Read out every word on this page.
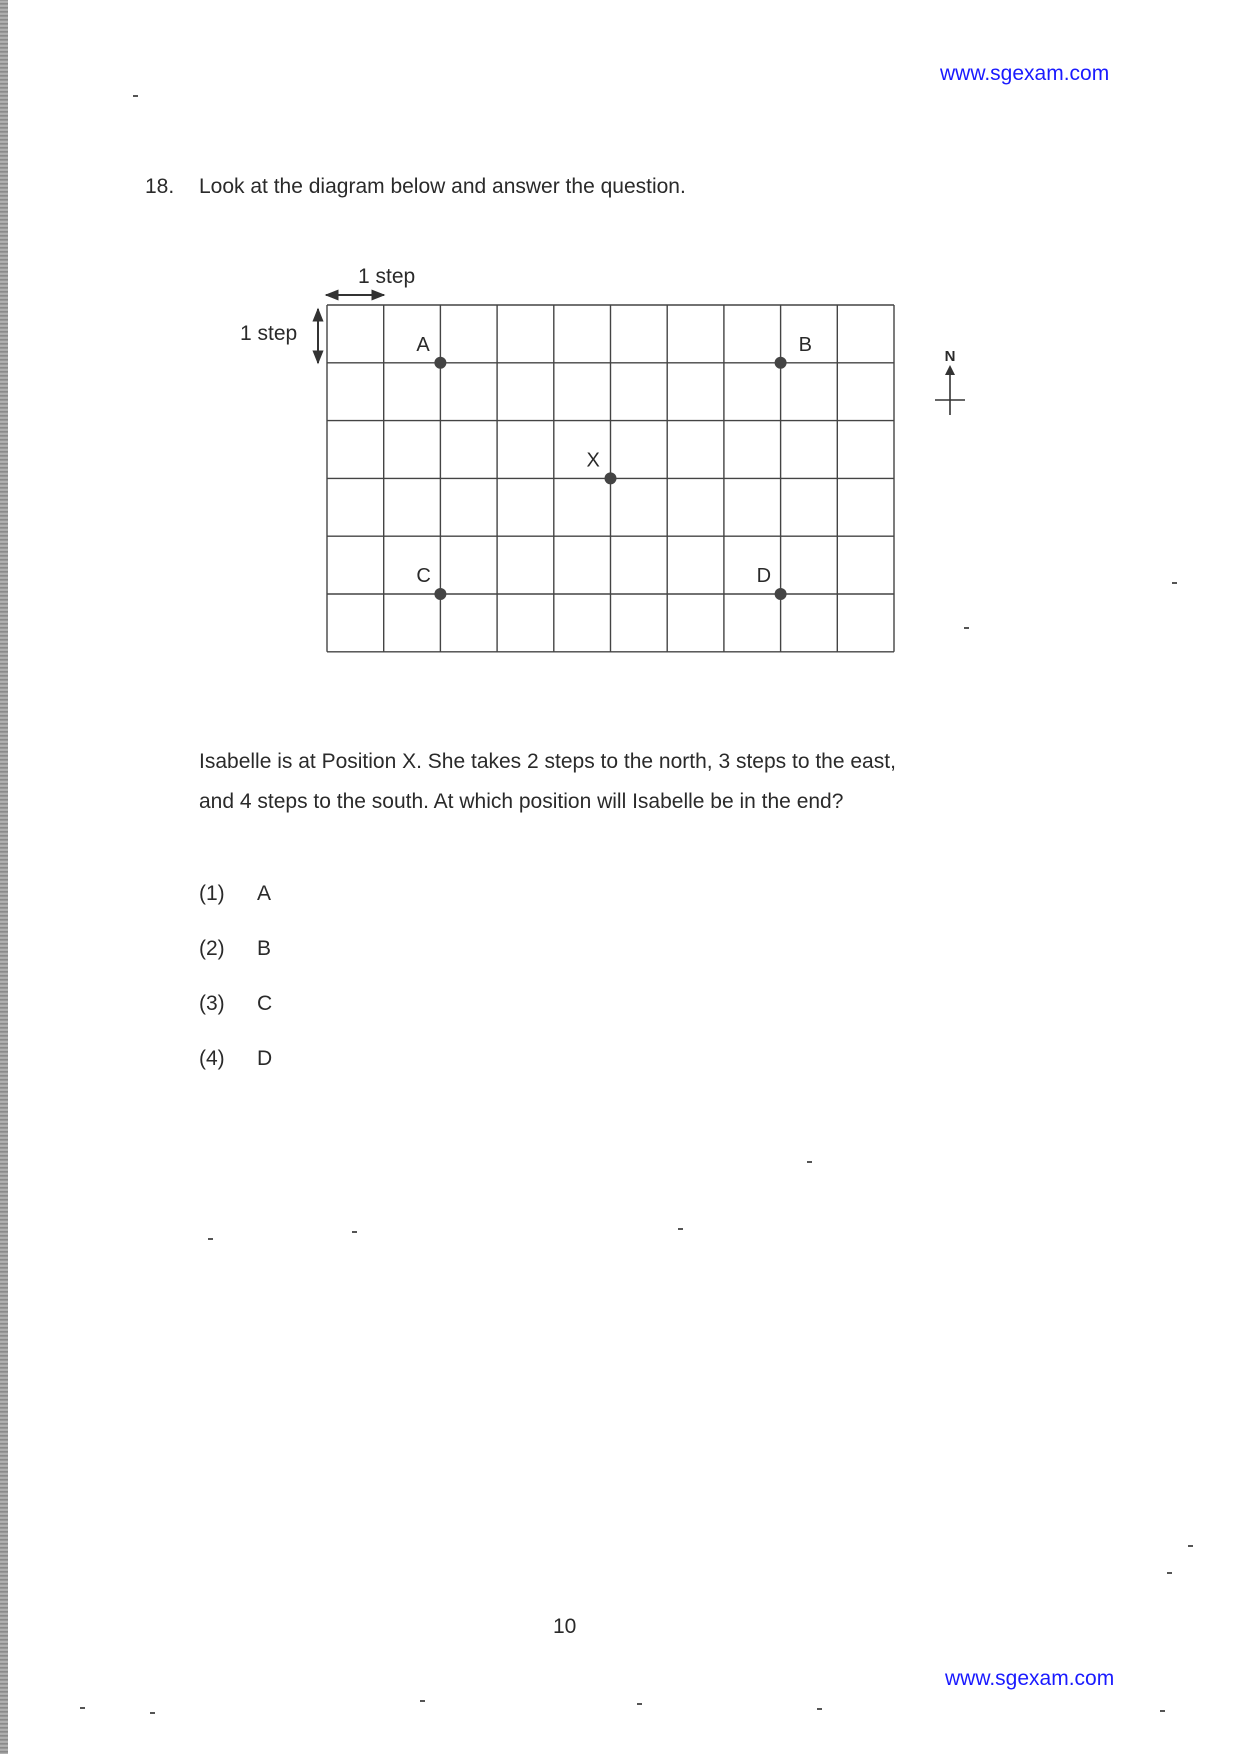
www.sgexam.com
18. Look at the diagram below and answer the question.
1 step
1 step	A	B
X
C	D
N
Isabelle is at Position X. She takes 2 steps to the north, 3 steps to the east,
and 4 steps to the south. At which position will Isabelle be in the end?
(1)	A
(2)	B
(3)	C
(4)	D
10
www.sgexam.com
